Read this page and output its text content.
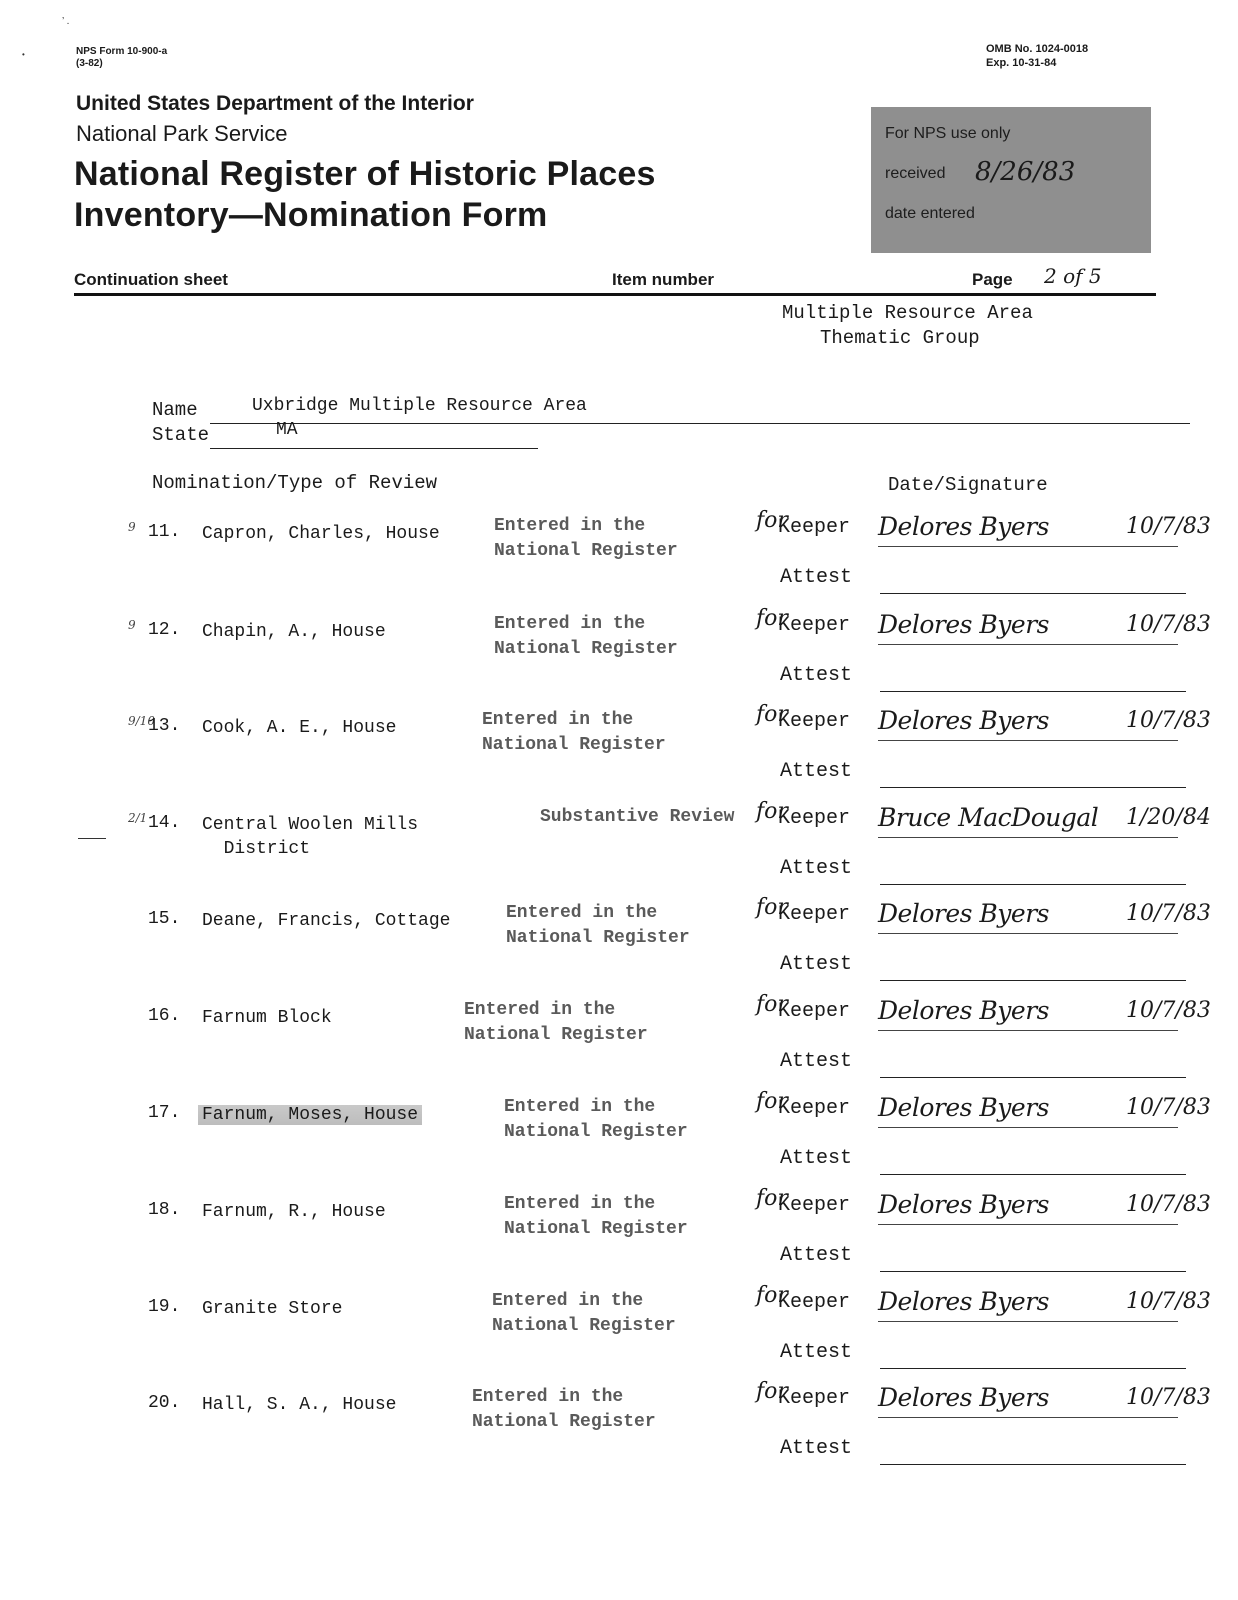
’ .
•	NPS Form 10-900-a
(3-82)
OMB No. 1024-0018
Exp. 10-31-84
United States Department of the Interior
National Park Service
National Register of Historic Places
Inventory—Nomination Form
For NPS use only
received 8/26/83
date entered
Continuation sheet	Item number	Page 2 of 5
Multiple Resource Area
Thematic Group
Name	Uxbridge Multiple Resource Area
State	MA
Nomination/Type of Review	Date/Signature
9 11. Capron, Charles, House	Entered in the
National Register
for
Keeper Delores Byers	10/7/83
Attest
9 12. Chapin, A., House	Entered in the
National Register
for
Keeper Delores Byers	10/7/83
Attest
9/10
13. Cook, A. E., House	Entered in the
National Register
for
Keeper Delores Byers	10/7/83
Attest
2/1 14. Central Woolen Mills
District
Substantive Review for
Keeper Bruce MacDougal 1/20/84
Attest
15. Deane, Francis, Cottage	Entered in the
National Register
for
Keeper Delores Byers	10/7/83
Attest
16. Farnum Block	Entered in the
National Register
for
Keeper Delores Byers	10/7/83
Attest
17. Farnum, Moses, House	Entered in the
National Register
for
Keeper Delores Byers	10/7/83
Attest
18. Farnum, R., House	Entered in the
National Register
for
Keeper Delores Byers	10/7/83
Attest
19. Granite Store	Entered in the
National Register
for
Keeper Delores Byers	10/7/83
Attest
20. Hall, S. A., House	Entered in the
National Register
for
Keeper Delores Byers	10/7/83
Attest
